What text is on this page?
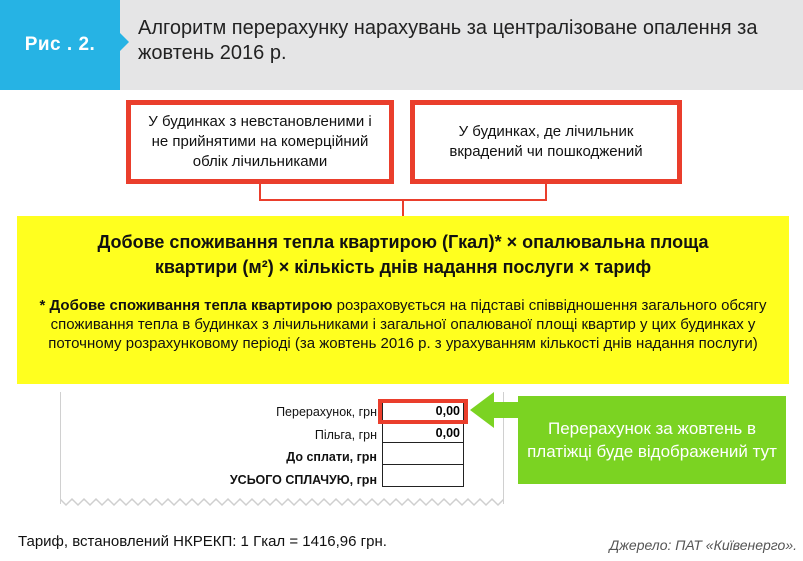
Рис . 2.
Алгоритм перерахунку нарахувань за централізоване опалення за жовтень 2016 р.
У будинках з невстановленими і не прийнятими на комерційний облік лічильниками
У будинках, де лічильник вкрадений чи пошкоджений
Добове споживання тепла квартирою (Гкал)* × опалювальна площа
квартири (м²) × кількість днів надання послуги × тариф
* Добове споживання тепла квартирою розраховується на підставі співвідношення загального обсягу споживання тепла в будинках з лічильниками і загальної опалюваної площі квартир у цих будинках у поточному розрахунковому періоді (за жовтень 2016 р. з урахуванням кількості днів надання послуги)
Перерахунок, грн
Пільга, грн
До сплати, грн
УСЬОГО СПЛАЧУЮ, грн
0,00
0,00	Перерахунок за жовтень в платіжці буде відображений тут
Тариф, встановлений НКРЕКП: 1 Гкал = 1416,96 грн.	Джерело: ПАТ «Київенерго».
